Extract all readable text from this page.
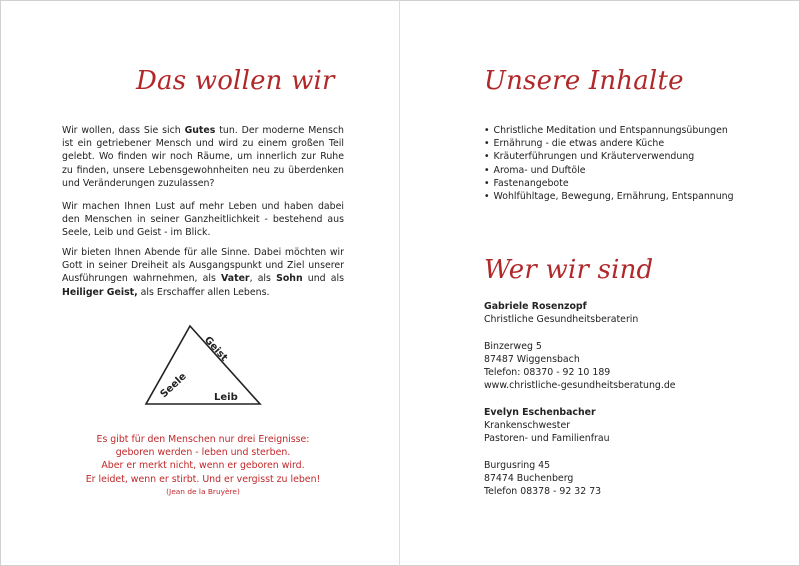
Das wollen wir

Wir wollen, dass Sie sich Gutes tun. Der moderne Mensch ist ein getriebener Mensch und wird zu einem großen Teil gelebt. Wo finden wir noch Räume, um innerlich zur Ruhe zu finden, unsere Lebensgewohnheiten neu zu überdenken und Veränderungen zuzulassen?

Wir machen Ihnen Lust auf mehr Leben und haben dabei den Menschen in seiner Ganzheitlichkeit - bestehend aus Seele, Leib und Geist - im Blick.

Wir bieten Ihnen Abende für alle Sinne. Dabei möchten wir Gott in seiner Dreiheit als Ausgangspunkt und Ziel unserer Ausführungen wahrnehmen, als Vater, als Sohn und als Heiliger Geist, als Erschaffer allen Lebens.

Seele
Geist
Leib
Es gibt für den Menschen nur drei Ereignisse:
geboren werden - leben und sterben.
Aber er merkt nicht, wenn er geboren wird.
Er leidet, wenn er stirbt. Und er vergisst zu leben!
(Jean de la Bruyère)
Unsere Inhalte
• Christliche Meditation und Entspannungsübungen
• Ernährung - die etwas andere Küche
• Kräuterführungen und Kräuterverwendung
• Aroma- und Duftöle
• Fastenangebote
• Wohlfühltage, Bewegung, Ernährung, Entspannung
Wer wir sind
Gabriele Rosenzopf
Christliche Gesundheitsberaterin
Binzerweg 5
87487 Wiggensbach
Telefon: 08370 - 92 10 189
www.christliche-gesundheitsberatung.de
Evelyn Eschenbacher
Krankenschwester
Pastoren- und Familienfrau
Burgusring 45
87474 Buchenberg
Telefon 08378 - 92 32 73
